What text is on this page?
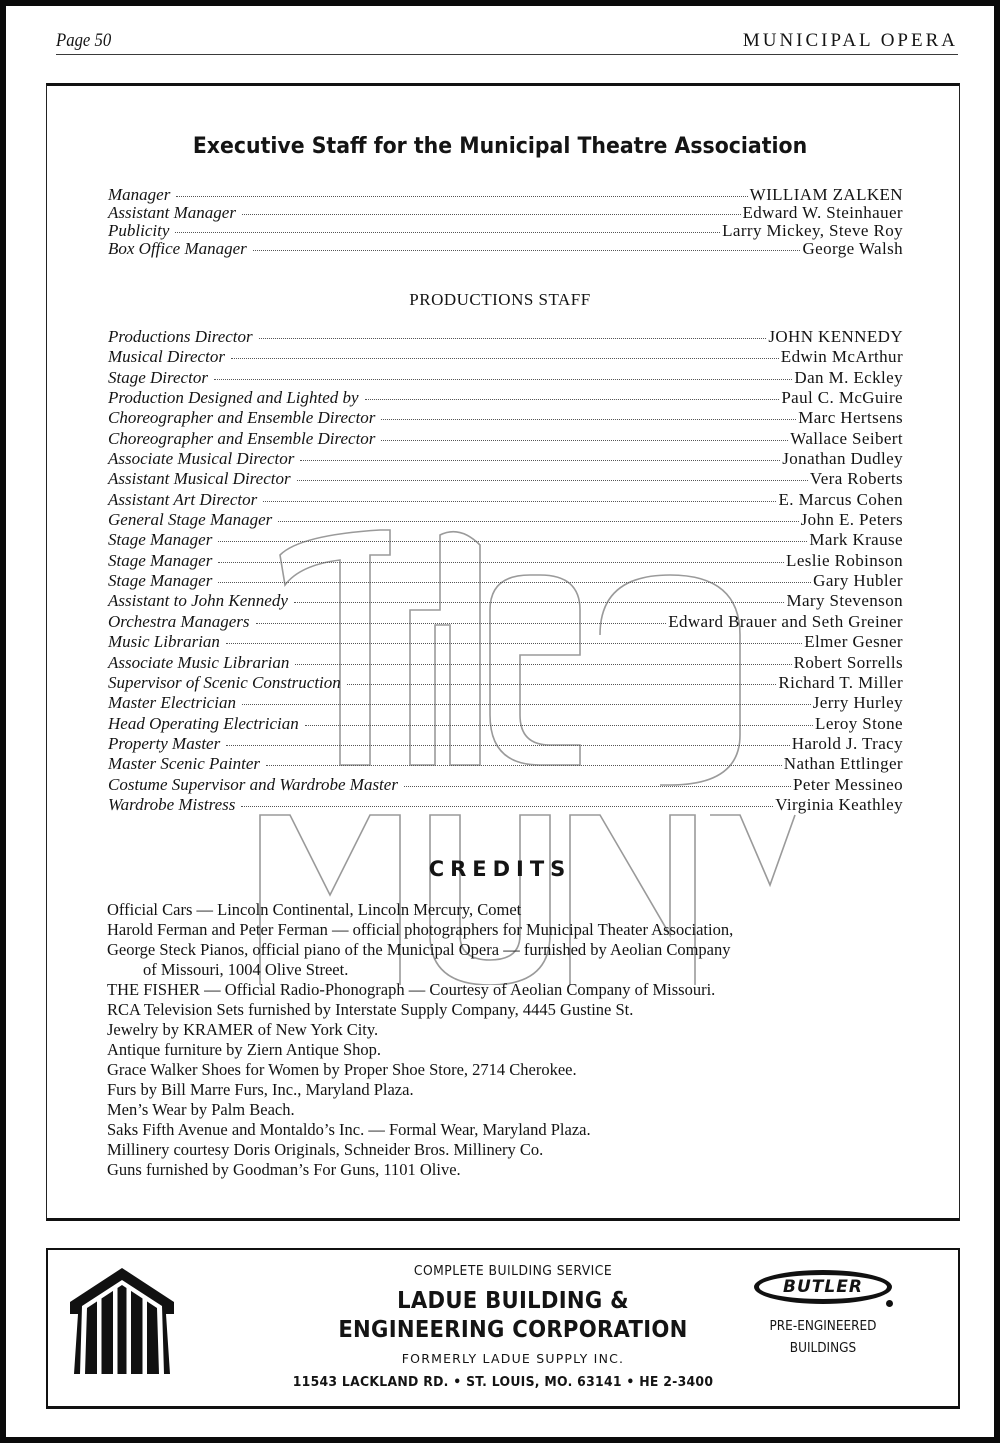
Page 50	MUNICIPAL OPERA
Executive Staff for the Municipal Theatre Association
Manager	WILLIAM ZALKEN
Assistant Manager	Edward W. Steinhauer
Publicity	Larry Mickey, Steve Roy
Box Office Manager	George Walsh
PRODUCTIONS STAFF
Productions Director	JOHN KENNEDY
Musical Director	Edwin McArthur
Stage Director	Dan M. Eckley
Production Designed and Lighted by	Paul C. McGuire
Choreographer and Ensemble Director	Marc Hertsens
Choreographer and Ensemble Director	Wallace Seibert
Associate Musical Director	Jonathan Dudley
Assistant Musical Director	Vera Roberts
Assistant Art Director	E. Marcus Cohen
General Stage Manager	John E. Peters
Stage Manager	Mark Krause
Stage Manager	Leslie Robinson
Stage Manager	Gary Hubler
Assistant to John Kennedy	Mary Stevenson
Orchestra Managers	Edward Brauer and Seth Greiner
Music Librarian	Elmer Gesner
Associate Music Librarian	Robert Sorrells
Supervisor of Scenic Construction	Richard T. Miller
Master Electrician	Jerry Hurley
Head Operating Electrician	Leroy Stone
Property Master	Harold J. Tracy
Master Scenic Painter	Nathan Ettlinger
Costume Supervisor and Wardrobe Master	Peter Messineo
Wardrobe Mistress	Virginia Keathley
CREDITS

Official Cars — Lincoln Continental, Lincoln Mercury, Comet

Harold Ferman and Peter Ferman — official photographers for Municipal Theater Association,

George Steck Pianos, official piano of the Municipal Opera — furnished by Aeolian Company
of Missouri, 1004 Olive Street.

THE FISHER — Official Radio-Phonograph — Courtesy of Aeolian Company of Missouri.

RCA Television Sets furnished by Interstate Supply Company, 4445 Gustine St.

Jewelry by KRAMER of New York City.

Antique furniture by Ziern Antique Shop.

Grace Walker Shoes for Women by Proper Shoe Store, 2714 Cherokee.

Furs by Bill Marre Furs, Inc., Maryland Plaza.

Men’s Wear by Palm Beach.

Saks Fifth Avenue and Montaldo’s Inc. — Formal Wear, Maryland Plaza.

Millinery courtesy Doris Originals, Schneider Bros. Millinery Co.

Guns furnished by Goodman’s For Guns, 1101 Olive.

COMPLETE BUILDING SERVICE
LADUE BUILDING &
ENGINEERING CORPORATION
FORMERLY LADUE SUPPLY INC.
BUTLER
PRE-ENGINEERED
BUILDINGS
11543 LACKLAND RD. • ST. LOUIS, MO. 63141 • HE 2-3400
